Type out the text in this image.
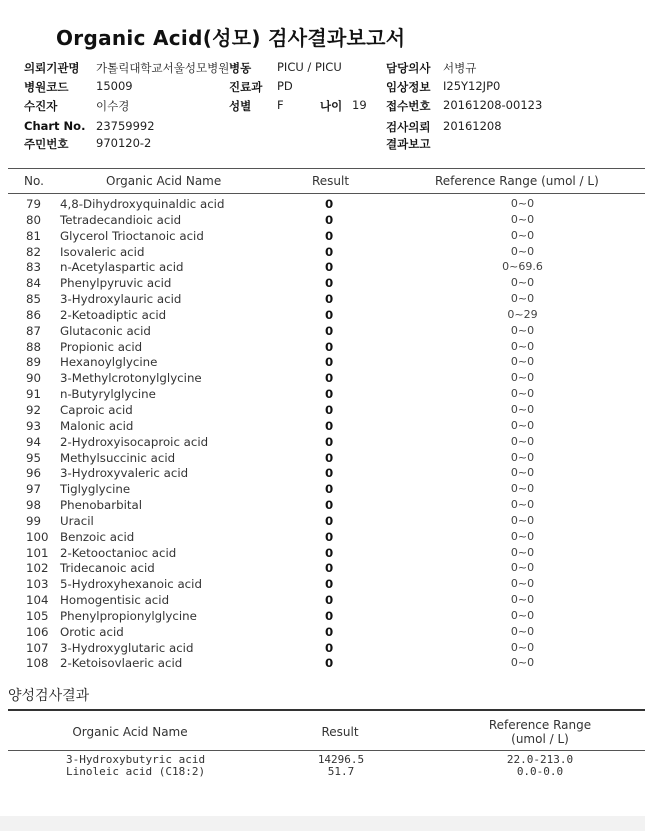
Organic Acid(성모) 검사결과보고서
의뢰기관명 가톨릭대학교서울성모병원 병동 PICU / PICU	담당의사 서병규
병원코드 15009	진료과 PD	임상정보 I25Y12JP0
수진자	이수경	성별 F	나이 19 접수번호 20161208-00123
Chart No. 23759992	검사의뢰 20161208
주민번호 970120-2	결과보고
No.	Organic Acid Name	Result	Reference Range (umol / L)
79 4,8-Dihydroxyquinaldic acid	0	0~0
80 Tetradecandioic acid	0	0~0
81 Glycerol Trioctanoic acid	0	0~0
82 Isovaleric acid	0	0~0
83 n-Acetylaspartic acid	0	0~69.6
84 Phenylpyruvic acid	0	0~0
85 3-Hydroxylauric acid	0	0~0
86 2-Ketoadiptic acid	0	0~29
87 Glutaconic acid	0	0~0
88 Propionic acid	0	0~0
89 Hexanoylglycine	0	0~0
90 3-Methylcrotonylglycine	0	0~0
91 n-Butyrylglycine	0	0~0
92 Caproic acid	0	0~0
93 Malonic acid	0	0~0
94 2-Hydroxyisocaproic acid	0	0~0
95 Methylsuccinic acid	0	0~0
96 3-Hydroxyvaleric acid	0	0~0
97 Tiglyglycine	0	0~0
98 Phenobarbital	0	0~0
99 Uracil	0	0~0
100 Benzoic acid	0	0~0
101 2-Ketooctanioc acid	0	0~0
102 Tridecanoic acid	0	0~0
103 5-Hydroxyhexanoic acid	0	0~0
104 Homogentisic acid	0	0~0
105 Phenylpropionylglycine	0	0~0
106 Orotic acid	0	0~0
107 3-Hydroxyglutaric acid	0	0~0
108 2-Ketoisovlaeric acid	0	0~0
양성검사결과
Organic Acid Name	Result	Reference Range
(umol / L)
3-Hydroxybutyric acid	14296.5	22.0-213.0
Linoleic acid (C18:2)	51.7	0.0-0.0
